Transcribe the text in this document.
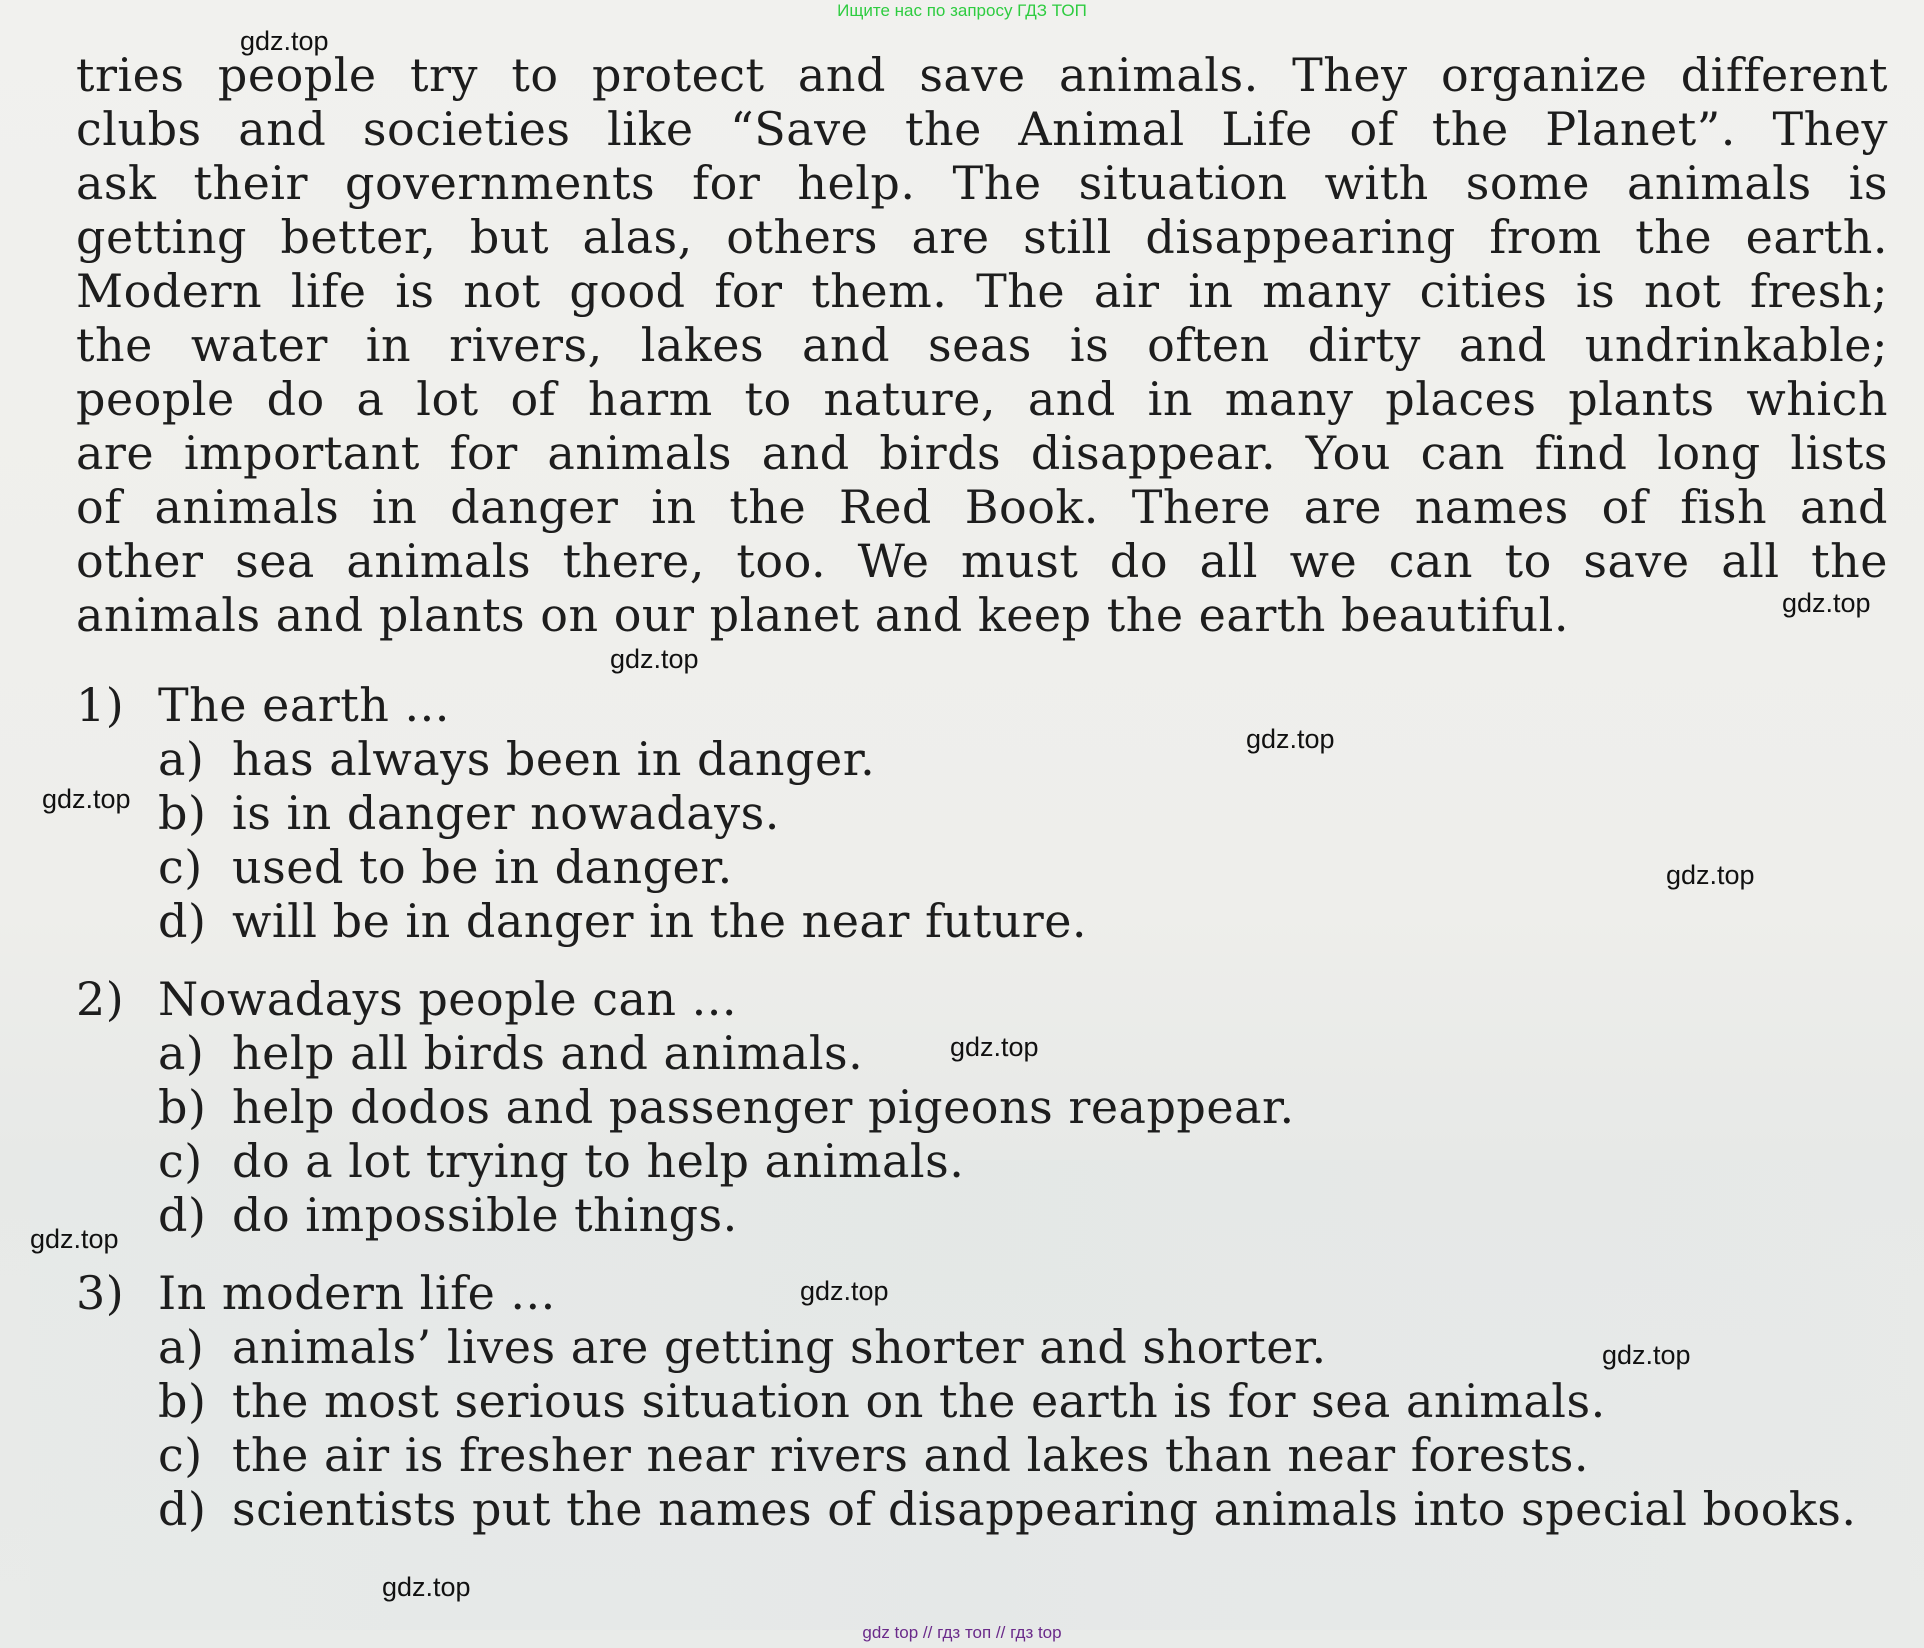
Ищите нас по запросу ГДЗ ТОП
tries people try to protect and save animals. They organize different
clubs and societies like “Save the Animal Life of the Planet”. They
ask their governments for help. The situation with some animals is
getting better, but alas, others are still disappearing from the earth.
Modern life is not good for them. The air in many cities is not fresh;
the water in rivers, lakes and seas is often dirty and undrinkable;
people do a lot of harm to nature, and in many places plants which
are important for animals and birds disappear. You can find long lists
of animals in danger in the Red Book. There are names of fish and
other sea animals there, too. We must do all we can to save all the
animals and plants on our planet and keep the earth beautiful.
1) The earth ...
a) has always been in danger.
b) is in danger nowadays.
c) used to be in danger.
d) will be in danger in the near future.
2) Nowadays people can ...
a) help all birds and animals.
b) help dodos and passenger pigeons reappear.
c) do a lot trying to help animals.
d) do impossible things.
3) In modern life ...
a) animals’ lives are getting shorter and shorter.
b) the most serious situation on the earth is for sea animals.
c) the air is fresher near rivers and lakes than near forests.
d) scientists put the names of disappearing animals into special books.
gdz.top
gdz.top
gdz.top
gdz.top
gdz.top
gdz.top
gdz.top
gdz.top
gdz.top
gdz.top
gdz.top
gdz top // гдз топ // гдз top
